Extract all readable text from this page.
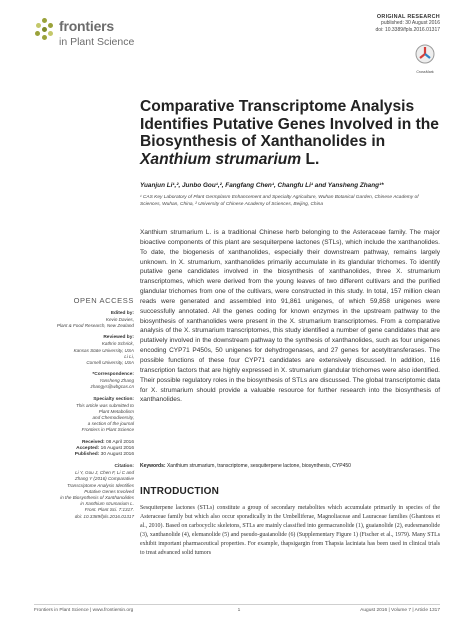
frontiers
in Plant Science
ORIGINAL RESEARCH
published: 30 August 2016
doi: 10.3389/fpls.2016.01317
CrossMark
Comparative Transcriptome Analysis Identifies Putative Genes Involved in the Biosynthesis of Xanthanolides in Xanthium strumarium L.
Yuanjun Li¹,², Junbo Gou¹,², Fangfang Chen¹, Changfu Li¹ and Yansheng Zhang¹*
¹ CAS Key Laboratory of Plant Germplasm Enhancement and Specialty Agriculture, Wuhan Botanical Garden, Chinese Academy of Sciences, Wuhan, China, ² University of Chinese Academy of Sciences, Beijing, China
Xanthium strumarium L. is a traditional Chinese herb belonging to the Asteraceae family. The major bioactive components of this plant are sesquiterpene lactones (STLs), which include the xanthanolides. To date, the biogenesis of xanthanolides, especially their downstream pathway, remains largely unknown. In X. strumarium, xanthanolides primarily accumulate in its glandular trichomes. To identify putative gene candidates involved in the biosynthesis of xanthanolides, three X. strumarium transcriptomes, which were derived from the young leaves of two different cultivars and the purified glandular trichomes from one of the cultivars, were constructed in this study. In total, 157 million clean reads were generated and assembled into 91,861 unigenes, of which 59,858 unigenes were successfully annotated. All the genes coding for known enzymes in the upstream pathway to the biosynthesis of xanthanolides were present in the X. strumarium transcriptomes. From a comparative analysis of the X. strumarium transcriptomes, this study identified a number of gene candidates that are putatively involved in the downstream pathway to the synthesis of xanthanolides, such as four unigenes encoding CYP71 P450s, 50 unigenes for dehydrogenases, and 27 genes for acetyltransferases. The possible functions of these four CYP71 candidates are extensively discussed. In addition, 116 transcription factors that are highly expressed in X. strumarium glandular trichomes were also identified. Their possible regulatory roles in the biosynthesis of STLs are discussed. The global transcriptomic data for X. strumarium should provide a valuable resource for further research into the biosynthesis of xanthanolides.
Keywords: Xanthium strumarium, transcriptome, sesquiterpene lactone, biosynthesis, CYP450
INTRODUCTION
Sesquiterpene lactones (STLs) constitute a group of secondary metabolites which accumulate primarily in species of the Asteraceae family but which also occur sporadically in the Umbelliferae, Magnoliaceae and Lauraceae families (Ghantous et al., 2010). Based on carbocyclic skeletons, STLs are mainly classified into germacranolide (1), guaianolide (2), eudesmanolide (3), xanthanolide (4), elemanolide (5) and pseudo-guaianolide (6) (Supplementary Figure 1) (Fischer et al., 1979). Many STLs exhibit important pharmaceutical properties. For example, thapsigargin from Thapsia laciniata has been used in clinical trials to treat advanced solid tumors
OPEN ACCESS
Edited by:
Kevin Davies,
Plant & Food Research, New Zealand
Reviewed by:
Kathrin Schrick,
Kansas State University, USA
Li Li,
Cornell University, USA
*Correspondence:
Yansheng Zhang
zhangys@wbgcas.cn
Specialty section:
This article was submitted to
Plant Metabolism
and Chemodiversity,
a section of the journal
Frontiers in Plant Science
Received: 08 April 2016
Accepted: 16 August 2016
Published: 30 August 2016
Citation:
Li Y, Gou J, Chen F, Li C and
Zhang Y (2016) Comparative
Transcriptome Analysis Identifies
Putative Genes Involved
in the Biosynthesis of Xanthanolides
in Xanthium strumarium L.
Front. Plant Sci. 7:1317.
doi: 10.3389/fpls.2016.01317
Frontiers in Plant Science | www.frontiersin.org	1	August 2016 | Volume 7 | Article 1317
